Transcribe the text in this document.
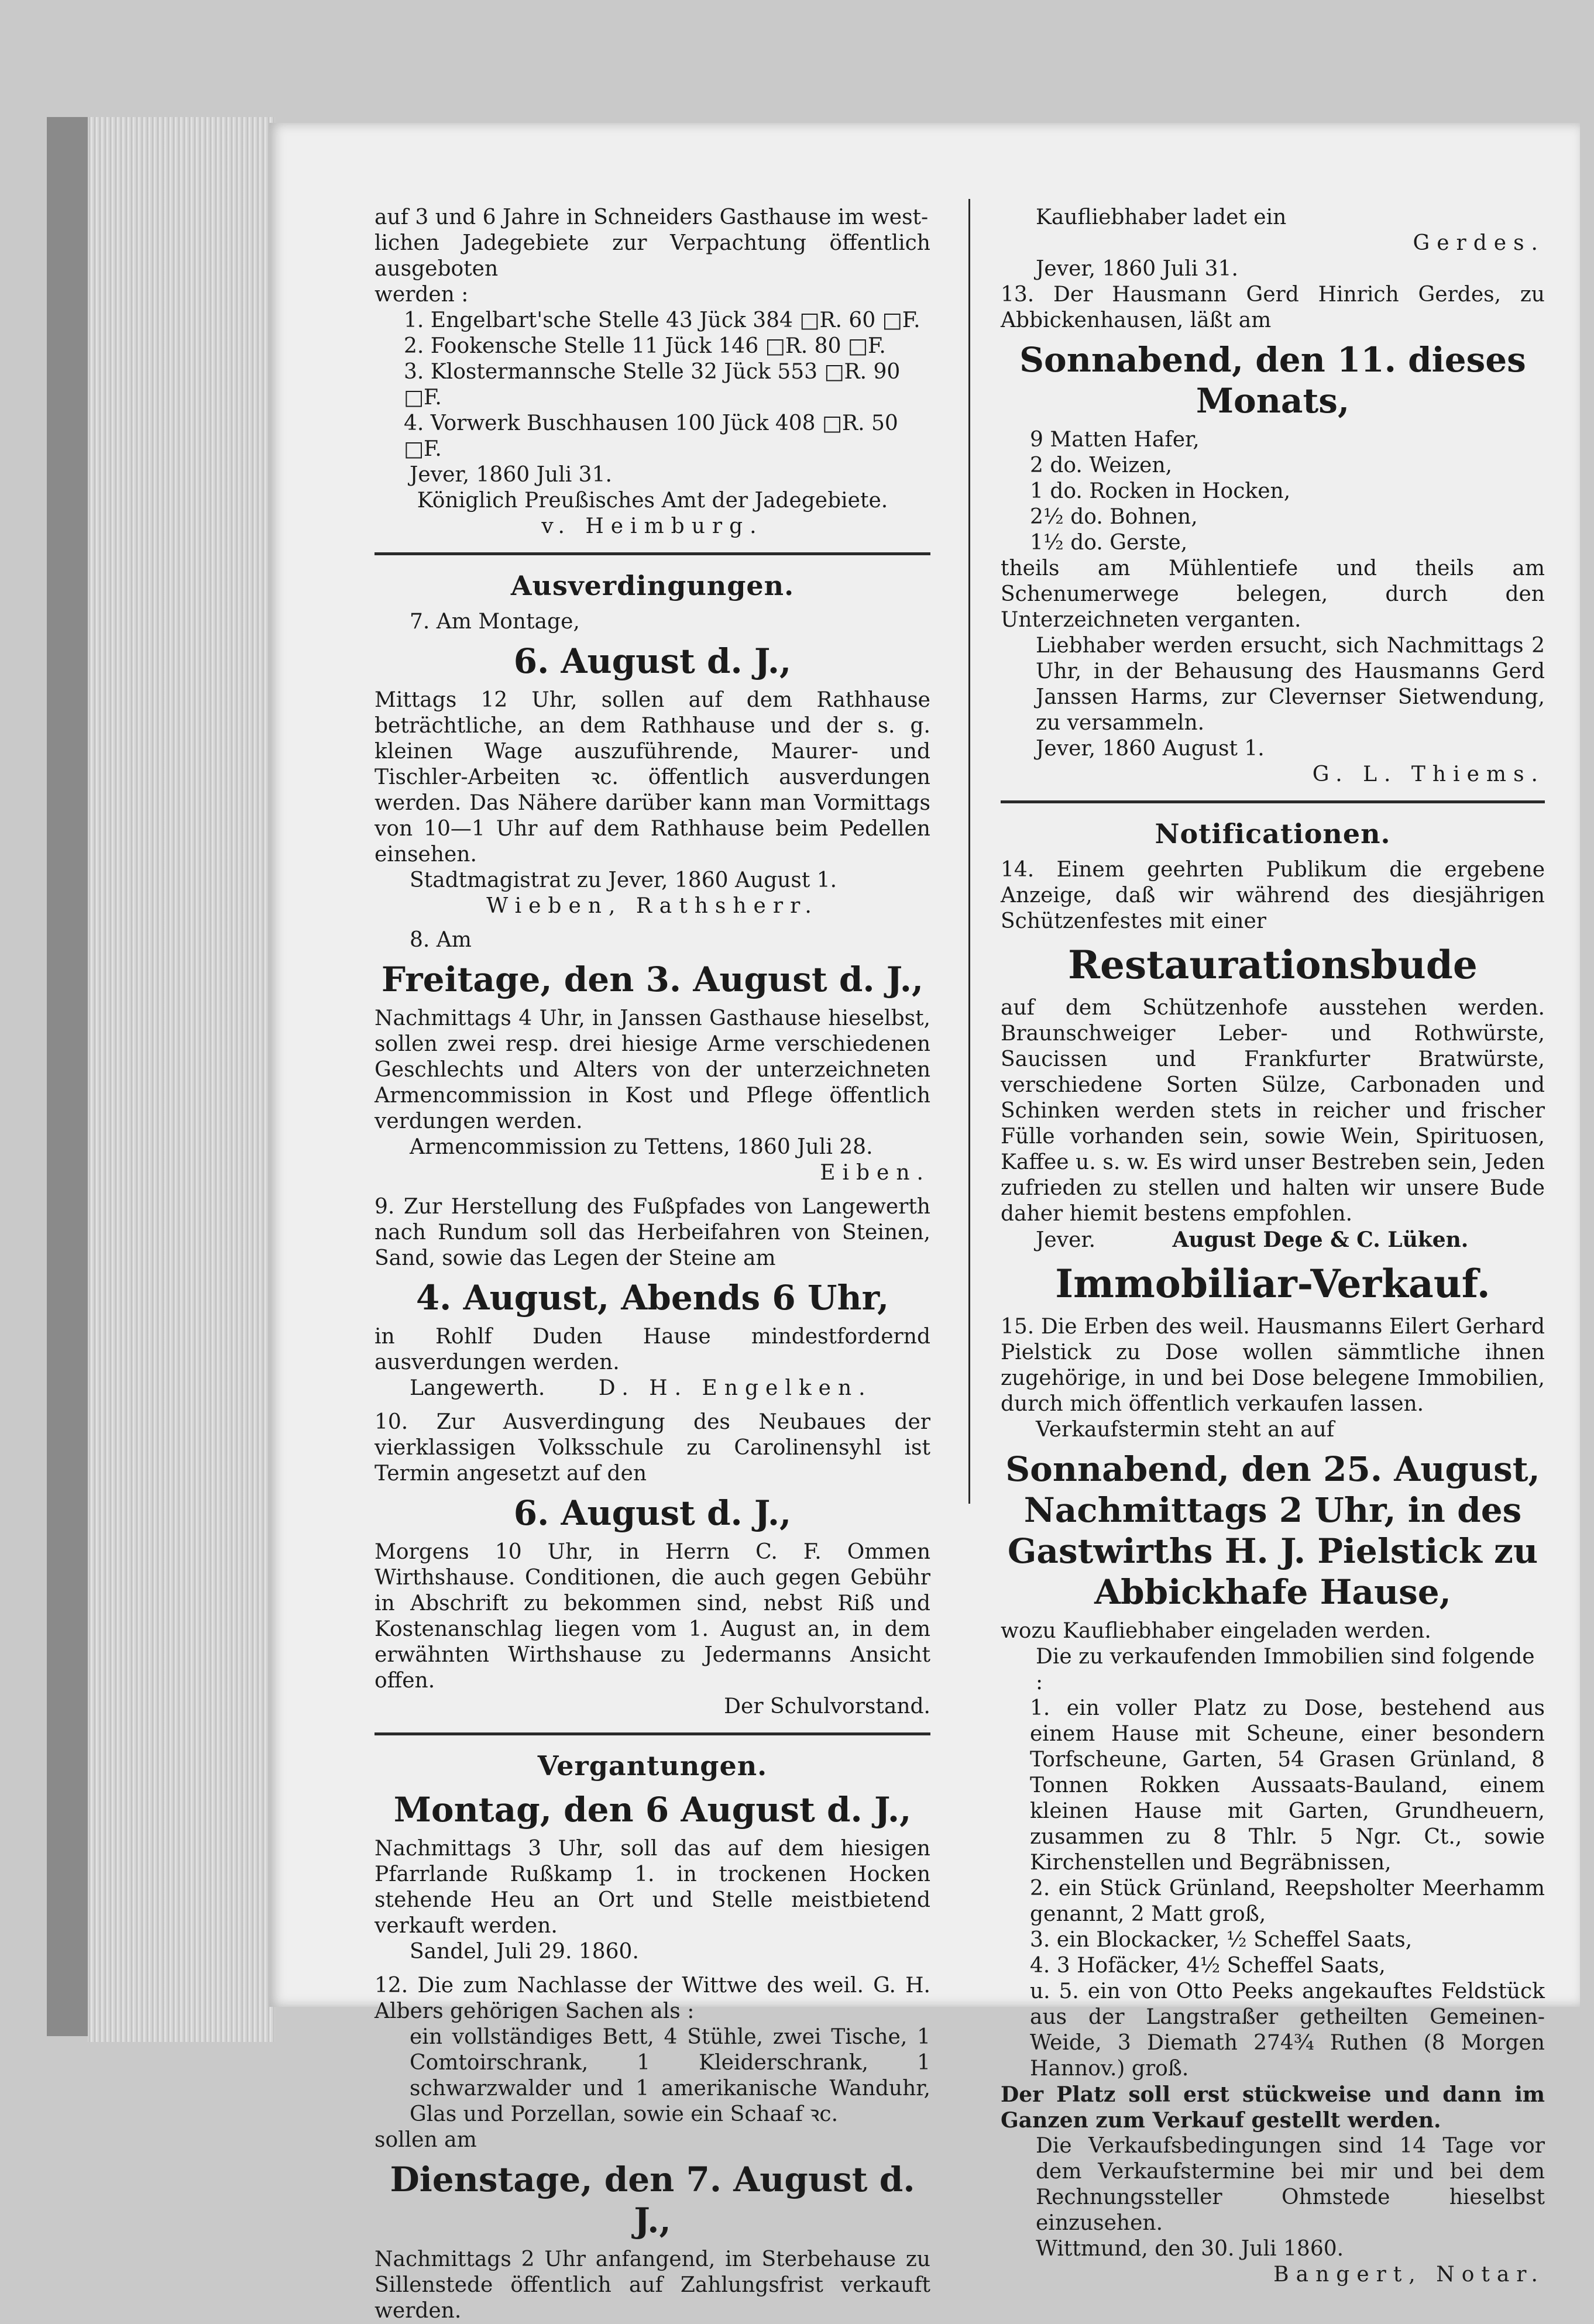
auf 3 und 6 Jahre in Schneiders Gasthause im west-

lichen Jadegebiete zur Verpachtung öffentlich ausgeboten

werden :

1. Engelbart'sche Stelle 43 Jück 384 □R. 60 □F.

2. Fookensche Stelle 11 Jück 146 □R. 80 □F.

3. Klostermannsche Stelle 32 Jück 553 □R. 90 □F.

4. Vorwerk Buschhausen 100 Jück 408 □R. 50 □F.

Jever, 1860 Juli 31.

Königlich Preußisches Amt der Jadegebiete.

v. Heimburg.

Ausverdingungen.

7. Am Montage,

6. August d. J.,

Mittags 12 Uhr, sollen auf dem Rathhause beträchtliche, an dem Rathhause und der s. g. kleinen Wage auszuführende, Maurer- und Tischler-Arbeiten ꝛc. öffentlich ausverdungen werden. Das Nähere darüber kann man Vormittags von 10—1 Uhr auf dem Rathhause beim Pedellen einsehen.

Stadtmagistrat zu Jever, 1860 August 1.

Wieben, Rathsherr.

8. Am

Freitage, den 3. August d. J.,

Nachmittags 4 Uhr, in Janssen Gasthause hieselbst, sollen zwei resp. drei hiesige Arme verschiedenen Geschlechts und Alters von der unterzeichneten Armencommission in Kost und Pflege öffentlich verdungen werden.

Armencommission zu Tettens, 1860 Juli 28.

Eiben.

9. Zur Herstellung des Fußpfades von Langewerth nach Rundum soll das Herbeifahren von Steinen, Sand, sowie das Legen der Steine am

4. August, Abends 6 Uhr,

in Rohlf Duden Hause mindestfordernd ausverdungen werden.

Langewerth.	D. H. Engelken.

10. Zur Ausverdingung des Neubaues der vierklassigen Volksschule zu Carolinensyhl ist Termin angesetzt auf den

6. August d. J.,

Morgens 10 Uhr, in Herrn C. F. Ommen Wirthshause. Conditionen, die auch gegen Gebühr in Abschrift zu bekommen sind, nebst Riß und Kostenanschlag liegen vom 1. August an, in dem erwähnten Wirthshause zu Jedermanns Ansicht offen.

Der Schulvorstand.

Vergantungen.

Montag, den 6 August d. J.,

Nachmittags 3 Uhr, soll das auf dem hiesigen Pfarrlande Rußkamp 1. in trockenen Hocken stehende Heu an Ort und Stelle meistbietend verkauft werden.

Sandel, Juli 29. 1860.

12. Die zum Nachlasse der Wittwe des weil. G. H. Albers gehörigen Sachen als :

ein vollständiges Bett, 4 Stühle, zwei Tische, 1 Comtoirschrank, 1 Kleiderschrank, 1 schwarzwalder und 1 amerikanische Wanduhr, Glas und Porzellan, sowie ein Schaaf ꝛc.

sollen am

Dienstage, den 7. August d. J.,

Nachmittags 2 Uhr anfangend, im Sterbehause zu Sillenstede öffentlich auf Zahlungsfrist verkauft werden.

Kaufliebhaber ladet ein

Gerdes.

Jever, 1860 Juli 31.

13. Der Hausmann Gerd Hinrich Gerdes, zu Abbickenhausen, läßt am

Sonnabend, den 11. dieses Monats,

9 Matten Hafer,

2 do. Weizen,

1 do. Rocken in Hocken,

2½ do. Bohnen,

1½ do. Gerste,

theils am Mühlentiefe und theils am Schenumerwege belegen, durch den Unterzeichneten verganten.

Liebhaber werden ersucht, sich Nachmittags 2 Uhr, in der Behausung des Hausmanns Gerd Janssen Harms, zur Clevernser Sietwendung, zu versammeln.

Jever, 1860 August 1.

G. L. Thiems.

Notificationen.

14. Einem geehrten Publikum die ergebene Anzeige, daß wir während des diesjährigen Schützenfestes mit einer

Restaurationsbude

auf dem Schützenhofe ausstehen werden. Braunschweiger Leber- und Rothwürste, Saucissen und Frankfurter Bratwürste, verschiedene Sorten Sülze, Carbonaden und Schinken werden stets in reicher und frischer Fülle vorhanden sein, sowie Wein, Spirituosen, Kaffee u. s. w. Es wird unser Bestreben sein, Jeden zufrieden zu stellen und halten wir unsere Bude daher hiemit bestens empfohlen.

Jever.	August Dege & C. Lüken.

Immobiliar-Verkauf.

15. Die Erben des weil. Hausmanns Eilert Gerhard Pielstick zu Dose wollen sämmtliche ihnen zugehörige, in und bei Dose belegene Immobilien, durch mich öffentlich verkaufen lassen.

Verkaufstermin steht an auf

Sonnabend, den 25. August, Nachmittags 2 Uhr, in des Gastwirths H. J. Pielstick zu Abbickhafe Hause,

wozu Kaufliebhaber eingeladen werden.

Die zu verkaufenden Immobilien sind folgende :

1. ein voller Platz zu Dose, bestehend aus einem Hause mit Scheune, einer besondern Torfscheune, Garten, 54 Grasen Grünland, 8 Tonnen Rokken Aussaats-Bauland, einem kleinen Hause mit Garten, Grundheuern, zusammen zu 8 Thlr. 5 Ngr. Ct., sowie Kirchenstellen und Begräbnissen,

2. ein Stück Grünland, Reepsholter Meerhamm genannt, 2 Matt groß,

3. ein Blockacker, ½ Scheffel Saats,

4. 3 Hofäcker, 4½ Scheffel Saats,

u. 5. ein von Otto Peeks angekauftes Feldstück aus der Langstraßer getheilten Gemeinen-Weide, 3 Diemath 274¾ Ruthen (8 Morgen Hannov.) groß.

Der Platz soll erst stückweise und dann im Ganzen zum Verkauf gestellt werden.

Die Verkaufsbedingungen sind 14 Tage vor dem Verkaufstermine bei mir und bei dem Rechnungssteller Ohmstede hieselbst einzusehen.

Wittmund, den 30. Juli 1860.

Bangert, Notar.
